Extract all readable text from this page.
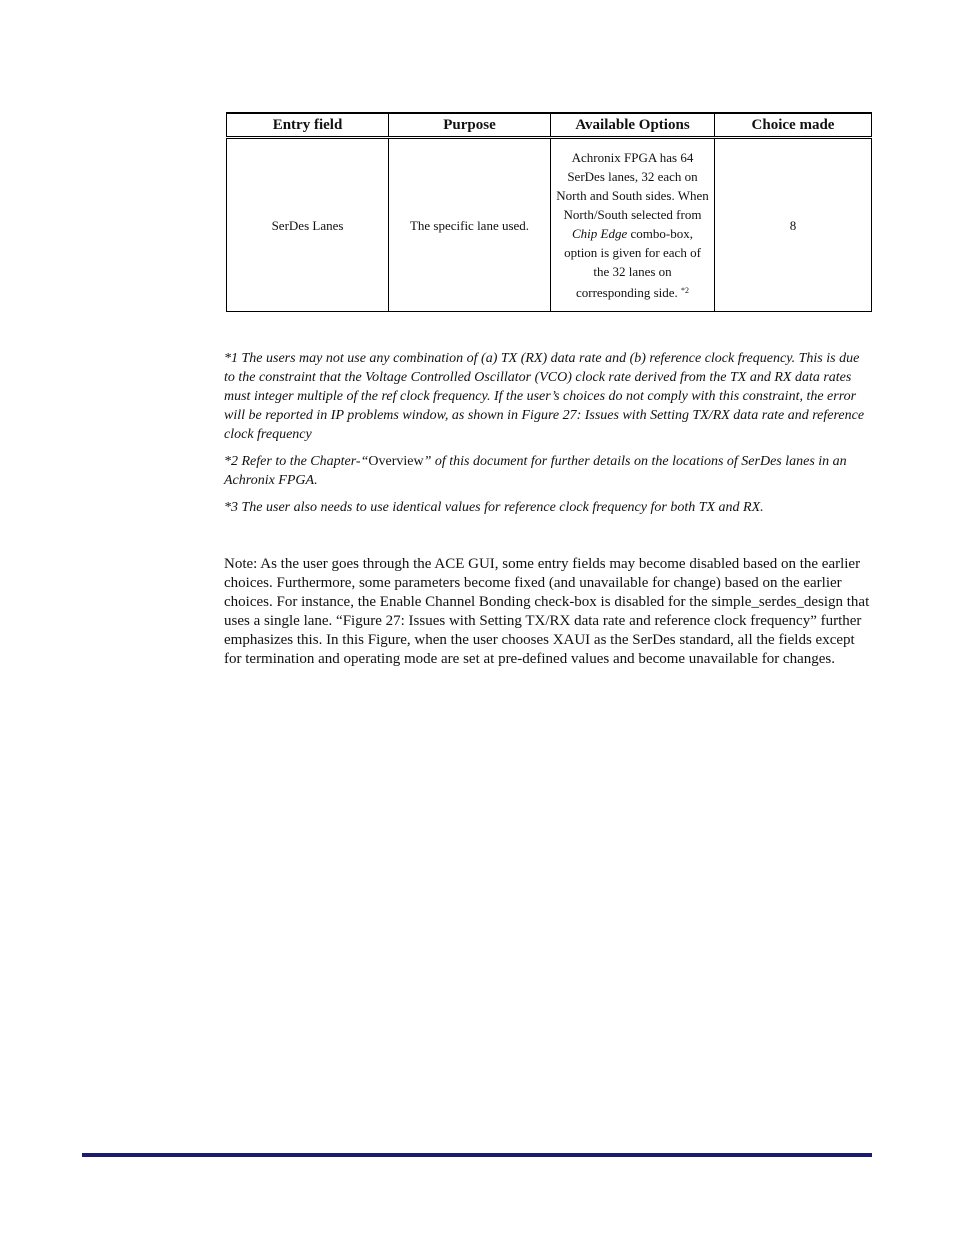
Entry field	Purpose	Available Options	Choice made
SerDes Lanes	The specific lane used.	Achronix FPGA has 64 SerDes lanes, 32 each on North and South sides. When North/South selected from Chip Edge combo-box, option is given for each of the 32 lanes on corresponding side. $^{*2}$	8

*1 The users may not use any combination of (a) TX (RX) data rate and (b) reference clock frequency. This is due to the constraint that the Voltage Controlled Oscillator (VCO) clock rate derived from the TX and RX data rates must integer multiple of the ref clock frequency. If the user’s choices do not comply with this constraint, the error will be reported in IP problems window, as shown in Figure 27: Issues with Setting TX/RX data rate and reference clock frequency

*2 Refer to the Chapter-“Overview” of this document for further details on the locations of SerDes lanes in an Achronix FPGA.

*3 The user also needs to use identical values for reference clock frequency for both TX and RX.

Note: As the user goes through the ACE GUI, some entry fields may become disabled based on the earlier choices. Furthermore, some parameters become fixed (and unavailable for change) based on the earlier choices. For instance, the Enable Channel Bonding check-box is disabled for the simple_serdes_design that uses a single lane. “Figure 27: Issues with Setting TX/RX data rate and reference clock frequency” further emphasizes this. In this Figure, when the user chooses XAUI as the SerDes standard, all the fields except for termination and operating mode are set at pre-defined values and become unavailable for changes.
